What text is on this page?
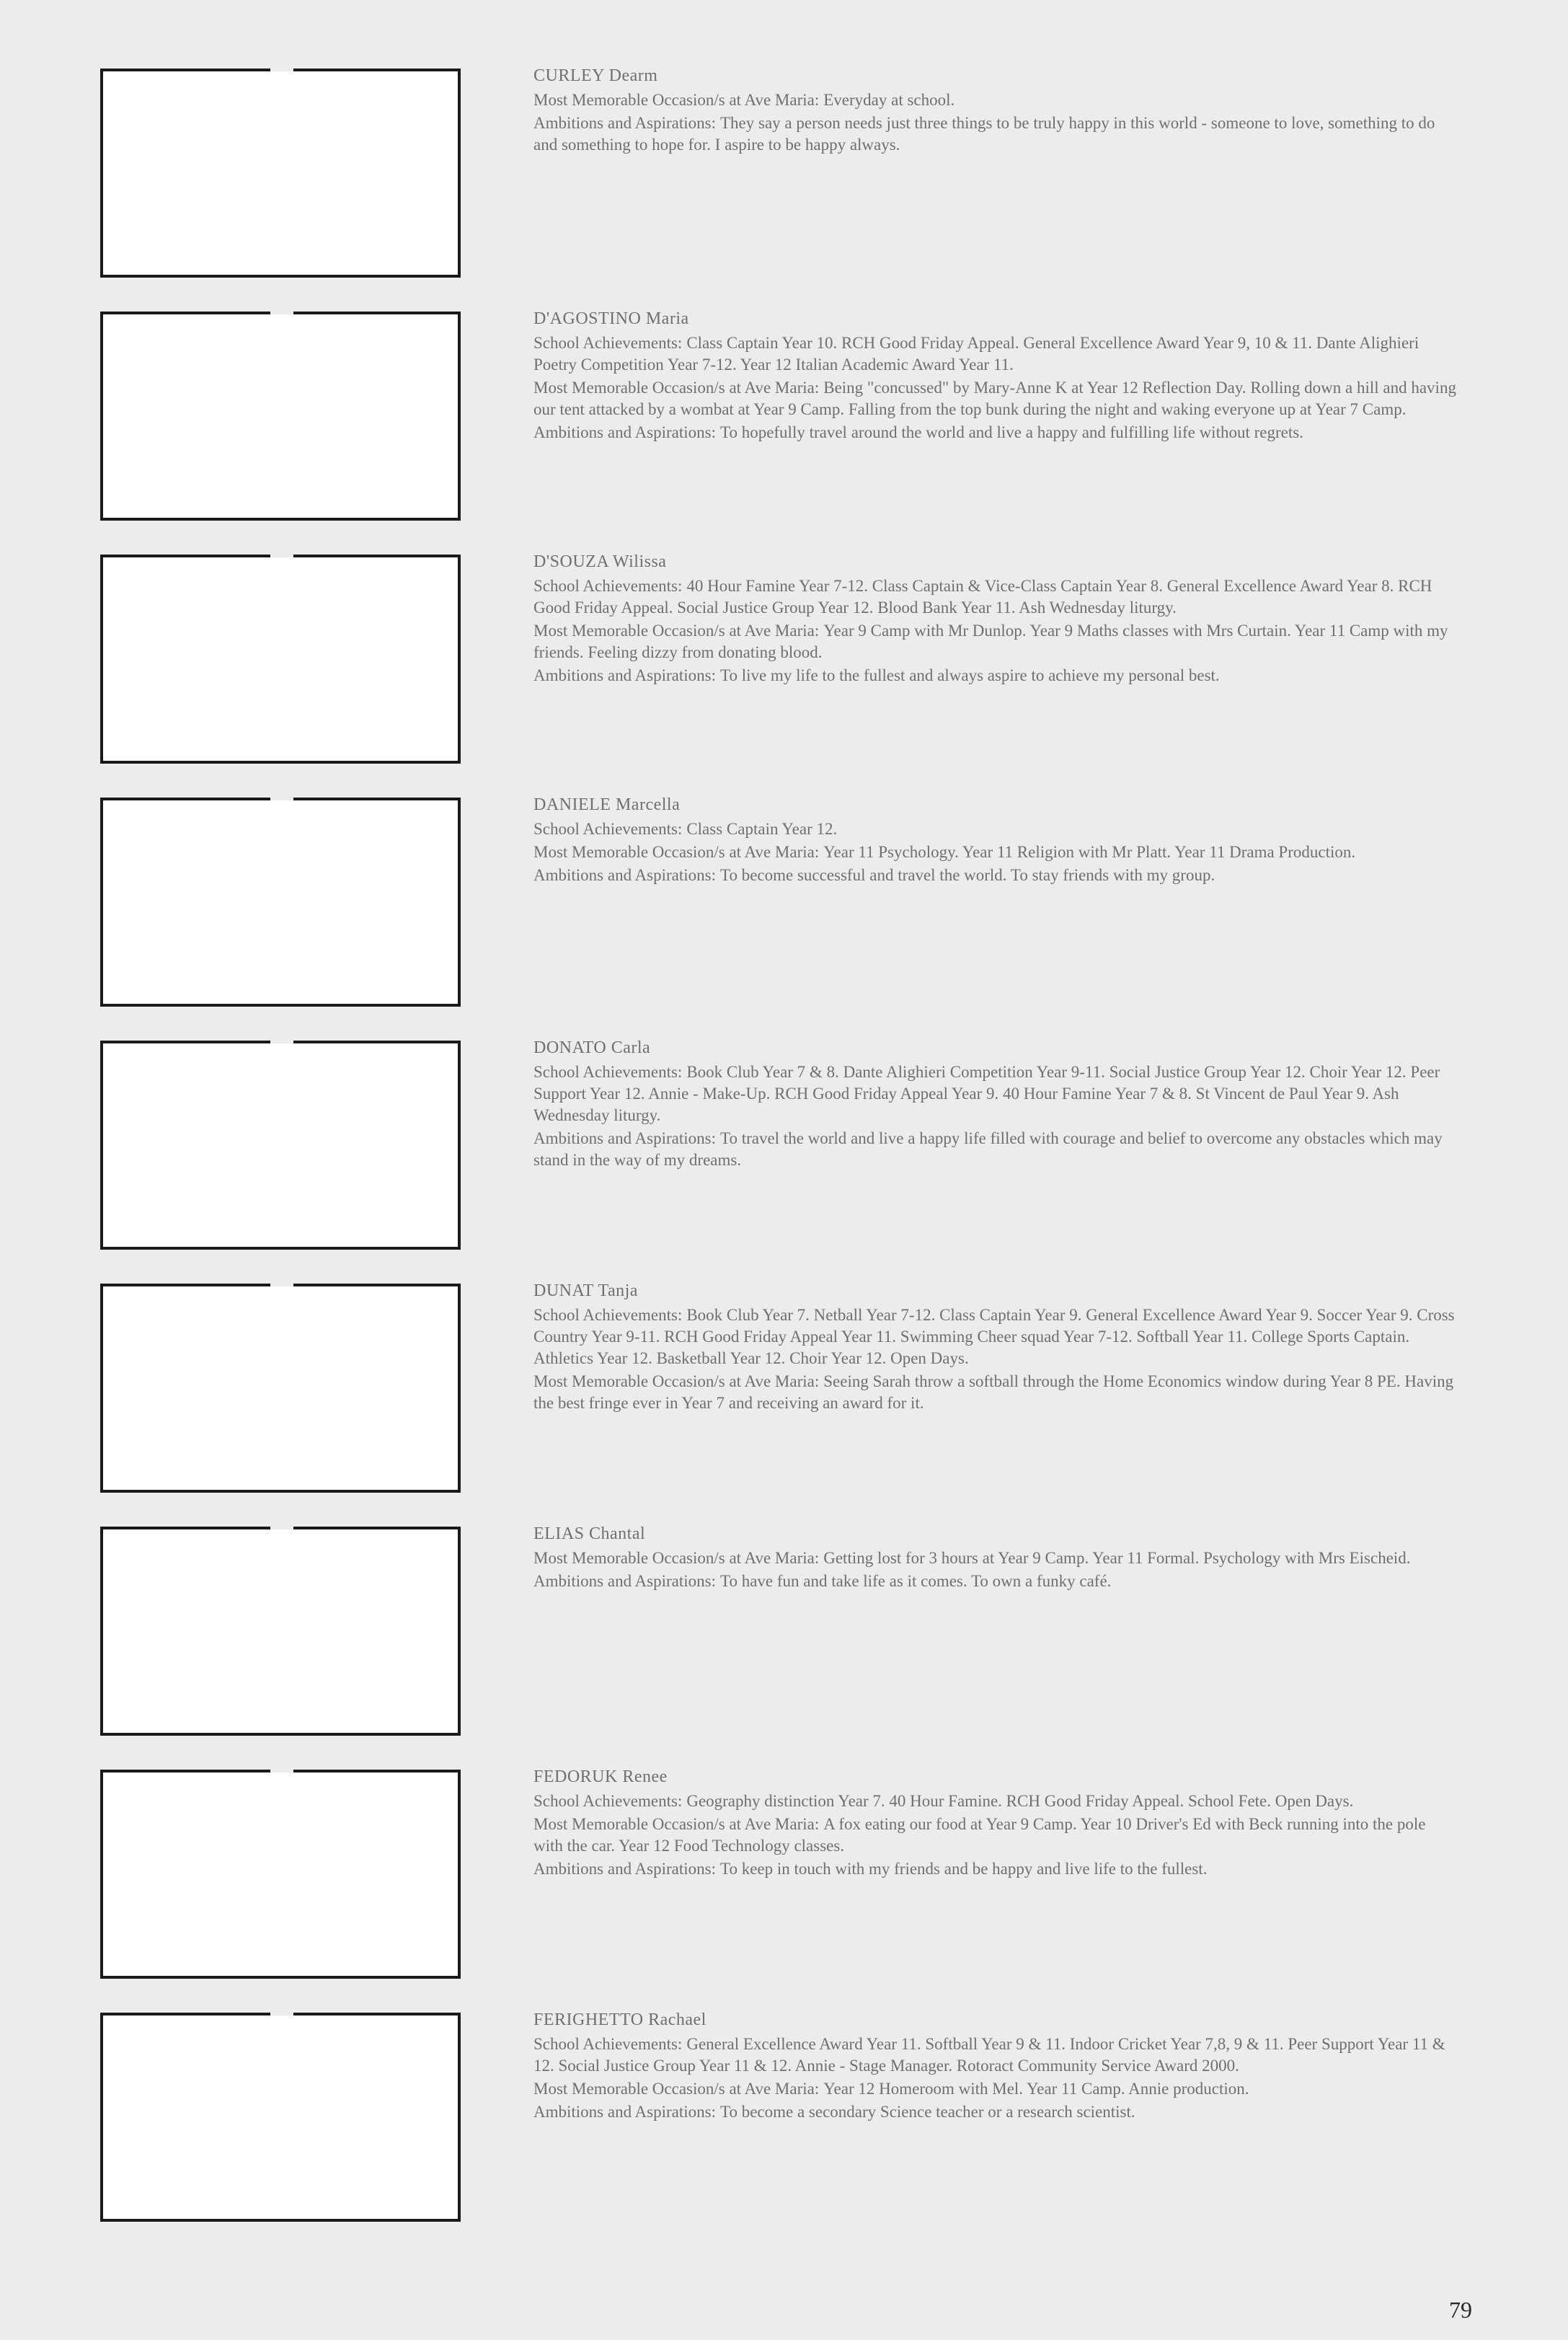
CURLEY Dearm
Most Memorable Occasion/s at Ave Maria: Everyday at school.
Ambitions and Aspirations: They say a person needs just three things to be truly happy in this world - someone to love, something to do and something to hope for. I aspire to be happy always.
D'AGOSTINO Maria
School Achievements: Class Captain Year 10. RCH Good Friday Appeal. General Excellence Award Year 9, 10 & 11. Dante Alighieri Poetry Competition Year 7-12. Year 12 Italian Academic Award Year 11.
Most Memorable Occasion/s at Ave Maria: Being "concussed" by Mary-Anne K at Year 12 Reflection Day. Rolling down a hill and having our tent attacked by a wombat at Year 9 Camp. Falling from the top bunk during the night and waking everyone up at Year 7 Camp.
Ambitions and Aspirations: To hopefully travel around the world and live a happy and fulfilling life without regrets.
D'SOUZA Wilissa
School Achievements: 40 Hour Famine Year 7-12. Class Captain & Vice-Class Captain Year 8. General Excellence Award Year 8. RCH Good Friday Appeal. Social Justice Group Year 12. Blood Bank Year 11. Ash Wednesday liturgy.
Most Memorable Occasion/s at Ave Maria: Year 9 Camp with Mr Dunlop. Year 9 Maths classes with Mrs Curtain. Year 11 Camp with my friends. Feeling dizzy from donating blood.
Ambitions and Aspirations: To live my life to the fullest and always aspire to achieve my personal best.
DANIELE Marcella
School Achievements: Class Captain Year 12.
Most Memorable Occasion/s at Ave Maria: Year 11 Psychology. Year 11 Religion with Mr Platt. Year 11 Drama Production.
Ambitions and Aspirations: To become successful and travel the world. To stay friends with my group.
DONATO Carla
School Achievements: Book Club Year 7 & 8. Dante Alighieri Competition Year 9-11. Social Justice Group Year 12. Choir Year 12. Peer Support Year 12. Annie - Make-Up. RCH Good Friday Appeal Year 9. 40 Hour Famine Year 7 & 8. St Vincent de Paul Year 9. Ash Wednesday liturgy.
Ambitions and Aspirations: To travel the world and live a happy life filled with courage and belief to overcome any obstacles which may stand in the way of my dreams.
DUNAT Tanja
School Achievements: Book Club Year 7. Netball Year 7-12. Class Captain Year 9. General Excellence Award Year 9. Soccer Year 9. Cross Country Year 9-11. RCH Good Friday Appeal Year 11. Swimming Cheer squad Year 7-12. Softball Year 11. College Sports Captain. Athletics Year 12. Basketball Year 12. Choir Year 12. Open Days.
Most Memorable Occasion/s at Ave Maria: Seeing Sarah throw a softball through the Home Economics window during Year 8 PE. Having the best fringe ever in Year 7 and receiving an award for it.
ELIAS Chantal
Most Memorable Occasion/s at Ave Maria: Getting lost for 3 hours at Year 9 Camp. Year 11 Formal. Psychology with Mrs Eischeid.
Ambitions and Aspirations: To have fun and take life as it comes. To own a funky café.
FEDORUK Renee
School Achievements: Geography distinction Year 7. 40 Hour Famine. RCH Good Friday Appeal. School Fete. Open Days.
Most Memorable Occasion/s at Ave Maria: A fox eating our food at Year 9 Camp. Year 10 Driver's Ed with Beck running into the pole with the car. Year 12 Food Technology classes.
Ambitions and Aspirations: To keep in touch with my friends and be happy and live life to the fullest.
FERIGHETTO Rachael
School Achievements: General Excellence Award Year 11. Softball Year 9 & 11. Indoor Cricket Year 7,8, 9 & 11. Peer Support Year 11 & 12. Social Justice Group Year 11 & 12. Annie - Stage Manager. Rotoract Community Service Award 2000.
Most Memorable Occasion/s at Ave Maria: Year 12 Homeroom with Mel. Year 11 Camp. Annie production.
Ambitions and Aspirations: To become a secondary Science teacher or a research scientist.
79
